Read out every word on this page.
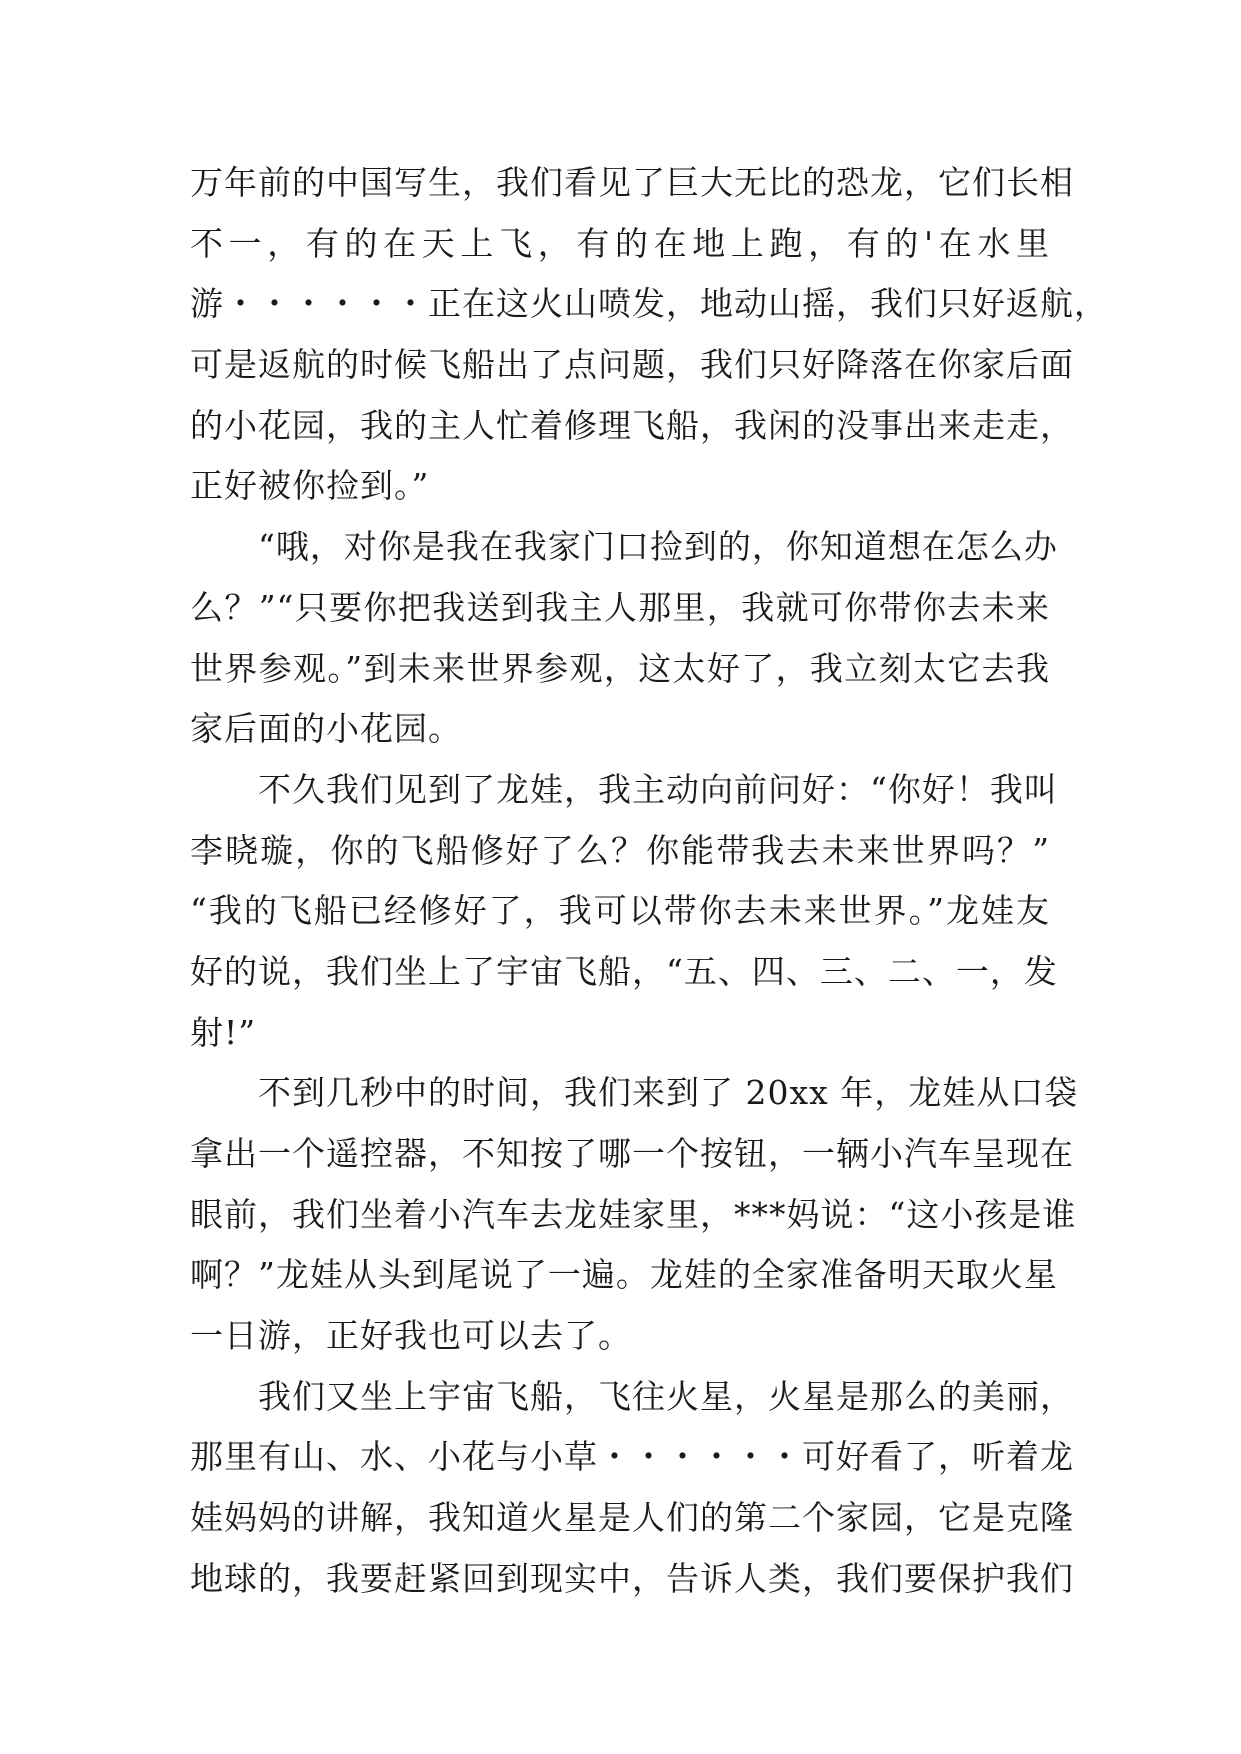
万年前的中国写生，我们看见了巨大无比的恐龙，它们长相
不一，有的在天上飞，有的在地上跑，有的'在水里
游・・・・・・正在这火山喷发，地动山摇，我们只好返航，
可是返航的时候飞船出了点问题，我们只好降落在你家后面
的小花园，我的主人忙着修理飞船，我闲的没事出来走走，
正好被你捡到。”
“哦，对你是我在我家门口捡到的，你知道想在怎么办
么？”“只要你把我送到我主人那里，我就可你带你去未来
世界参观。”到未来世界参观，这太好了，我立刻太它去我
家后面的小花园。
不久我们见到了龙娃，我主动向前问好：“你好！我叫
李晓璇，你的飞船修好了么？你能带我去未来世界吗？”
“我的飞船已经修好了，我可以带你去未来世界。”龙娃友
好的说，我们坐上了宇宙飞船，“五、四、三、二、一，发
射!”
不到几秒中的时间，我们来到了 20xx 年，龙娃从口袋
拿出一个遥控器，不知按了哪一个按钮，一辆小汽车呈现在
眼前，我们坐着小汽车去龙娃家里，***妈说：“这小孩是谁
啊？”龙娃从头到尾说了一遍。龙娃的全家准备明天取火星
一日游，正好我也可以去了。
我们又坐上宇宙飞船，飞往火星，火星是那么的美丽，
那里有山、水、小花与小草・・・・・・可好看了，听着龙
娃妈妈的讲解，我知道火星是人们的第二个家园，它是克隆
地球的，我要赶紧回到现实中，告诉人类，我们要保护我们
